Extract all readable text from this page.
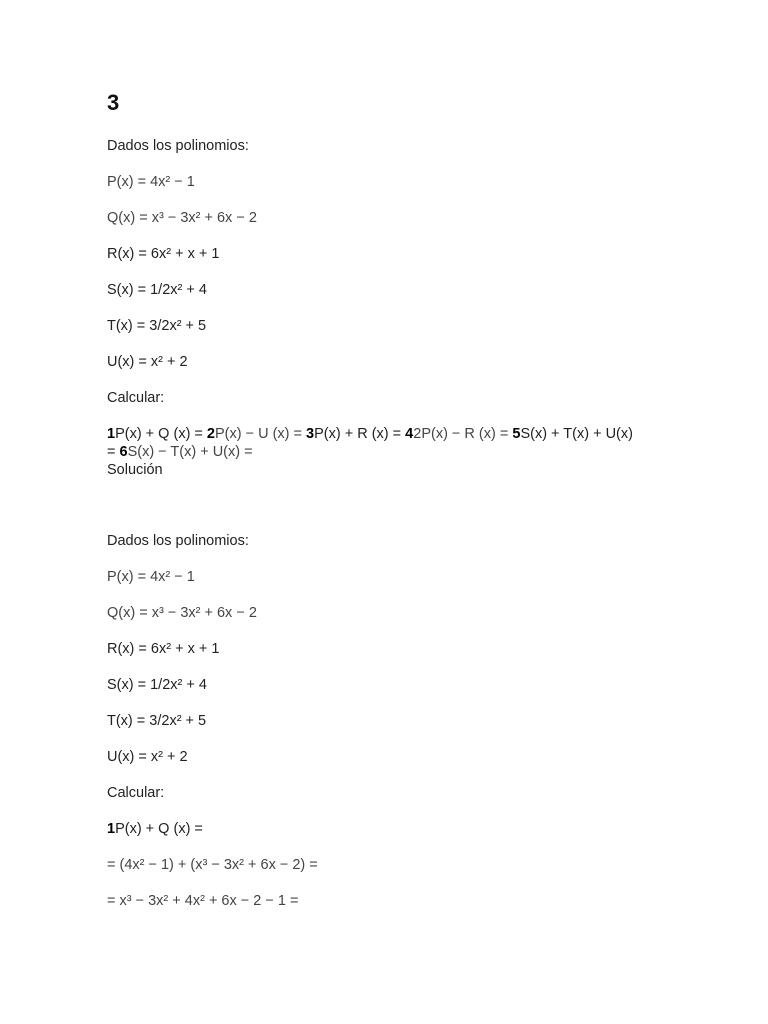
3
Dados los polinomios:
P(x) = 4x² − 1
Q(x) = x³ − 3x² + 6x − 2
R(x) = 6x² + x + 1
S(x) = 1/2x² + 4
T(x) = 3/2x² + 5
U(x) = x² + 2
Calcular:
1P(x) + Q (x) = 2P(x) − U (x) = 3P(x) + R (x) = 42P(x) − R (x) = 5S(x) + T(x) + U(x)
= 6S(x) − T(x) + U(x) =
Solución
Dados los polinomios:
P(x) = 4x² − 1
Q(x) = x³ − 3x² + 6x − 2
R(x) = 6x² + x + 1
S(x) = 1/2x² + 4
T(x) = 3/2x² + 5
U(x) = x² + 2
Calcular:
1P(x) + Q (x) =
= (4x² − 1) + (x³ − 3x² + 6x − 2) =
= x³ − 3x² + 4x² + 6x − 2 − 1 =
